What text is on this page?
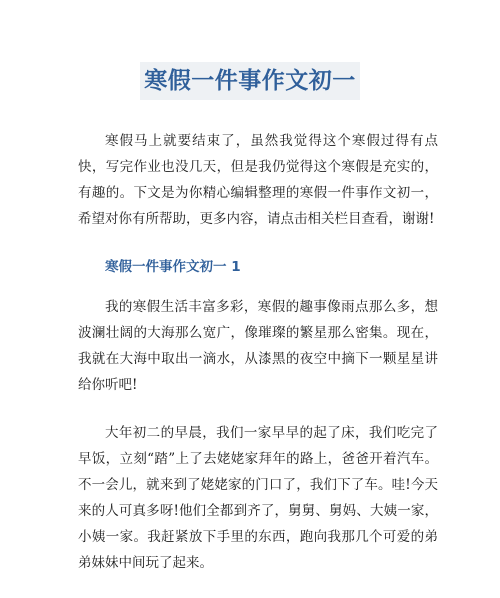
寒假一件事作文初一

寒假马上就要结束了，虽然我觉得这个寒假过得有点快，写完作业也没几天，但是我仍觉得这个寒假是充实的，有趣的。下文是为你精心编辑整理的寒假一件事作文初一，希望对你有所帮助，更多内容，请点击相关栏目查看，谢谢!

寒假一件事作文初一 1

我的寒假生活丰富多彩，寒假的趣事像雨点那么多，想波澜壮阔的大海那么宽广，像璀璨的繁星那么密集。现在，我就在大海中取出一滴水，从漆黑的夜空中摘下一颗星星讲给你听吧!

大年初二的早晨，我们一家早早的起了床，我们吃完了早饭，立刻“踏”上了去姥姥家拜年的路上，爸爸开着汽车。不一会儿，就来到了姥姥家的门口了，我们下了车。哇!今天来的人可真多呀!他们全都到齐了，舅舅、舅妈、大姨一家，小姨一家。我赶紧放下手里的东西，跑向我那几个可爱的弟弟妹妹中间玩了起来。
